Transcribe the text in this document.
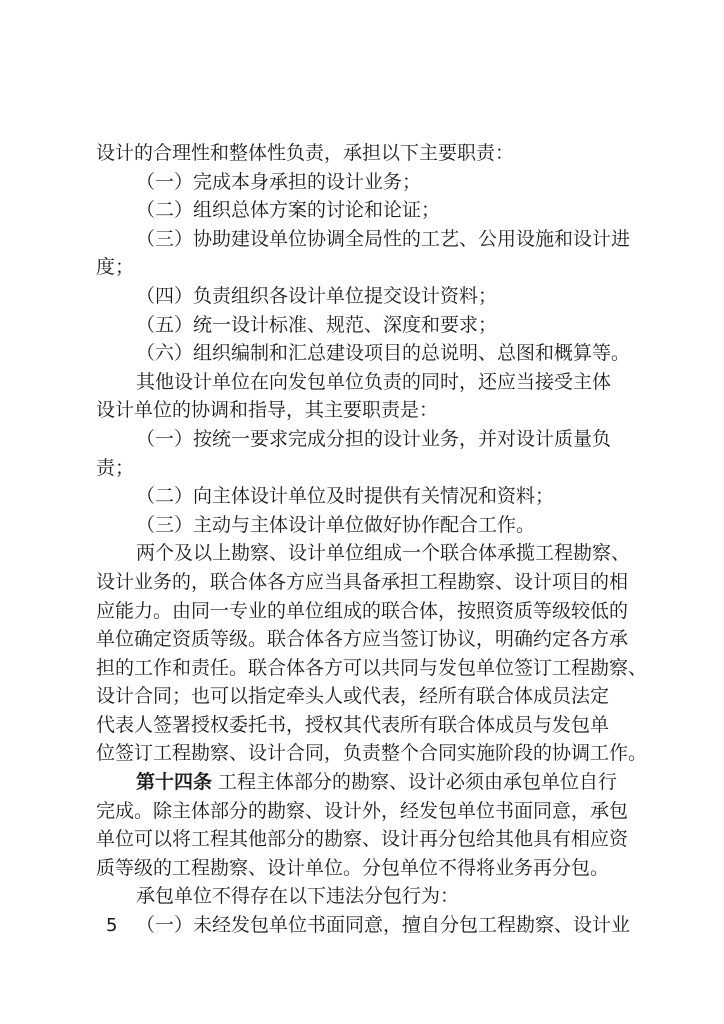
设计的合理性和整体性负责，承担以下主要职责：
（一）完成本身承担的设计业务；
（二）组织总体方案的讨论和论证；
（三）协助建设单位协调全局性的工艺、公用设施和设计进
度；
（四）负责组织各设计单位提交设计资料；
（五）统一设计标准、规范、深度和要求；
（六）组织编制和汇总建设项目的总说明、总图和概算等。
其他设计单位在向发包单位负责的同时，还应当接受主体
设计单位的协调和指导，其主要职责是：
（一）按统一要求完成分担的设计业务，并对设计质量负
责；
（二）向主体设计单位及时提供有关情况和资料；
（三）主动与主体设计单位做好协作配合工作。
两个及以上勘察、设计单位组成一个联合体承揽工程勘察、
设计业务的，联合体各方应当具备承担工程勘察、设计项目的相
应能力。由同一专业的单位组成的联合体，按照资质等级较低的
单位确定资质等级。联合体各方应当签订协议，明确约定各方承
担的工作和责任。联合体各方可以共同与发包单位签订工程勘察、
设计合同；也可以指定牵头人或代表，经所有联合体成员法定
代表人签署授权委托书，授权其代表所有联合体成员与发包单
位签订工程勘察、设计合同，负责整个合同实施阶段的协调工作。
第十四条 工程主体部分的勘察、设计必须由承包单位自行
完成。除主体部分的勘察、设计外，经发包单位书面同意，承包
单位可以将工程其他部分的勘察、设计再分包给其他具有相应资
质等级的工程勘察、设计单位。分包单位不得将业务再分包。
承包单位不得存在以下违法分包行为：
（一）未经发包单位书面同意，擅自分包工程勘察、设计业
5
